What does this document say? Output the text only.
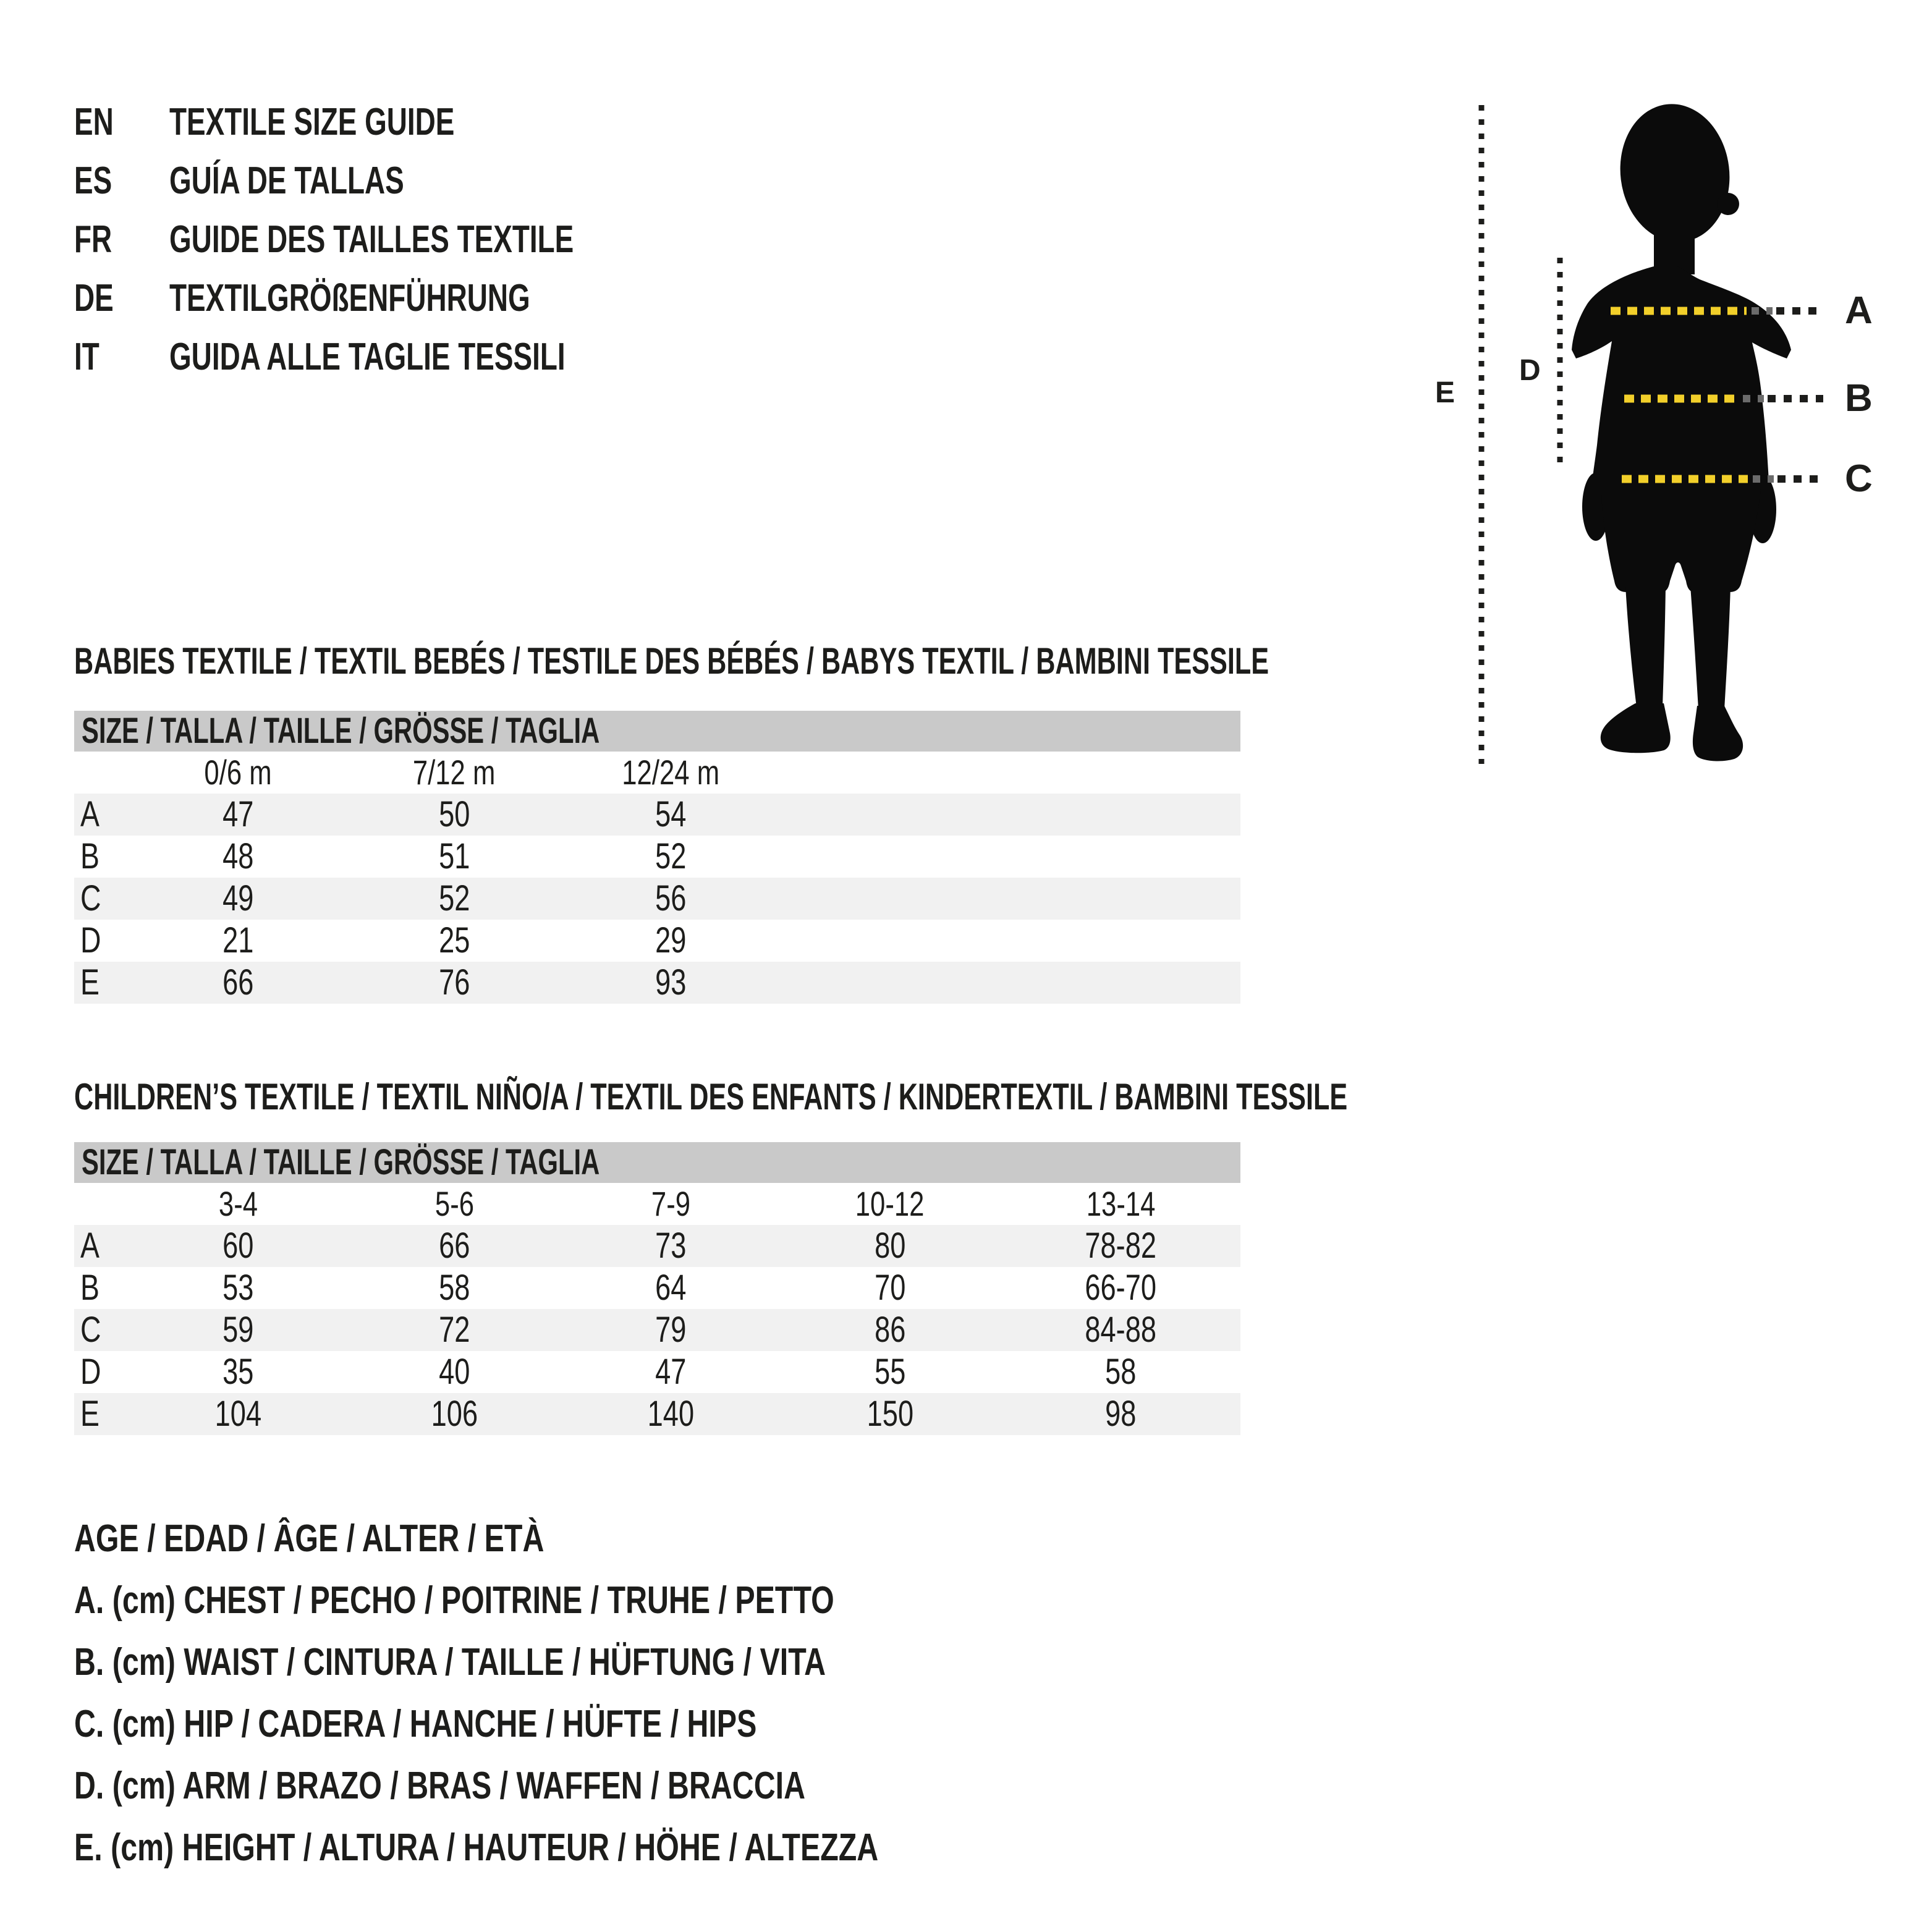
EN	TEXTILE SIZE GUIDE
ES	GUÍA DE TALLAS
FR	GUIDE DES TAILLES TEXTILE
DE	TEXTILGRÖßENFÜHRUNG
IT GUIDA ALLE TAGLIE TESSILI
A
B
C
D
E
BABIES TEXTILE / TEXTIL BEBÉS / TESTILE DES BÉBÉS / BABYS TEXTIL / BAMBINI TESSILE
SIZE / TALLA / TAILLE / GRÖSSE / TAGLIA
0/6 m	7/12 m	12/24 m
A	47	50	54
B	48	51	52
C	49	52	56
D	21	25	29
E	66	76	93
CHILDREN’S TEXTILE / TEXTIL NIÑO/A / TEXTIL DES ENFANTS / KINDERTEXTIL / BAMBINI TESSILE
SIZE / TALLA / TAILLE / GRÖSSE / TAGLIA
3-4	5-6	7-9	10-12	13-14
A	60	66	73	80	78-82
B	53	58	64	70	66-70
C	59	72	79	86	84-88
D	35	40	47	55	58
E	104	106	140	150	98
AGE / EDAD / ÂGE / ALTER / ETÀ
A. (cm) CHEST / PECHO / POITRINE / TRUHE / PETTO
B. (cm) WAIST / CINTURA / TAILLE / HÜFTUNG / VITA
C. (cm) HIP / CADERA / HANCHE / HÜFTE / HIPS
D. (cm) ARM / BRAZO / BRAS / WAFFEN / BRACCIA
E. (cm) HEIGHT / ALTURA / HAUTEUR / HÖHE / ALTEZZA
